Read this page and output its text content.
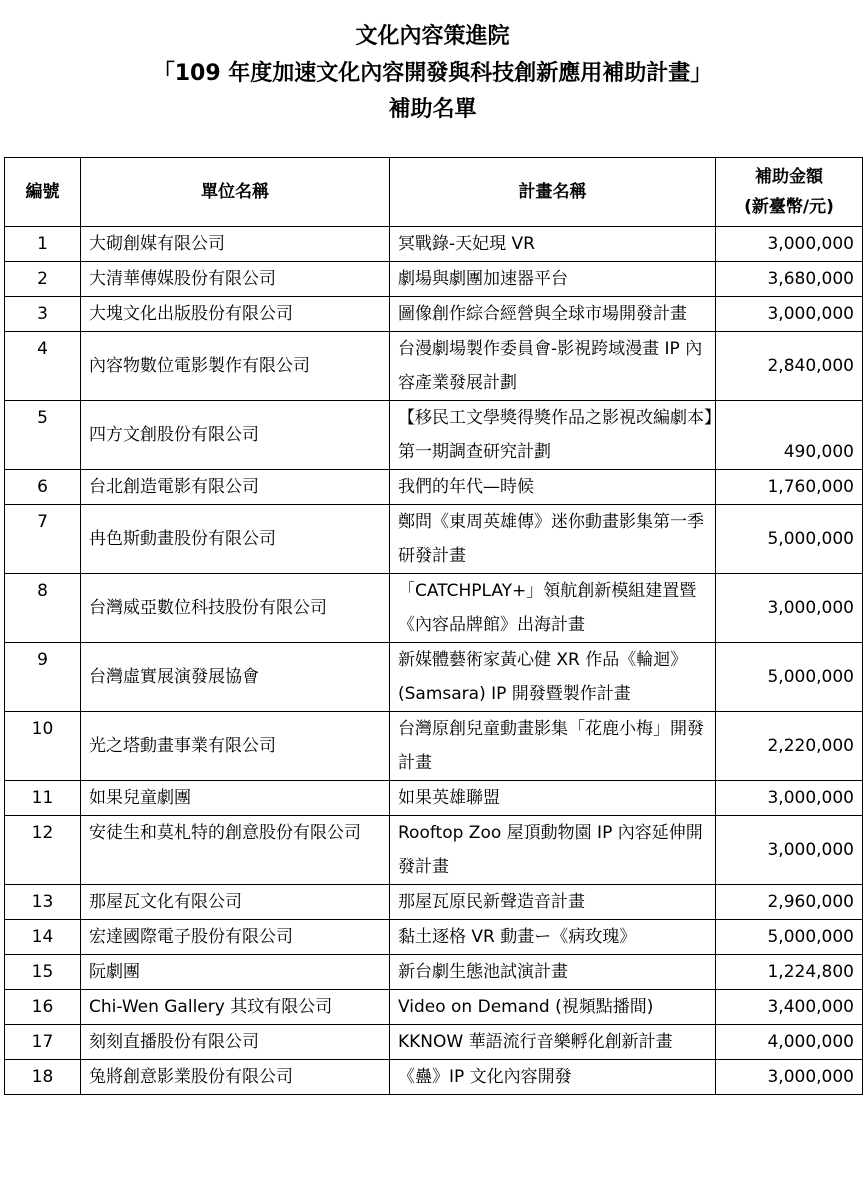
文化內容策進院

「109 年度加速文化內容開發與科技創新應用補助計畫」

補助名單

編號	單位名稱	計畫名稱	補助金額
(新臺幣/元)

1	大砌創媒有限公司	冥戰錄-天妃現 VR	3,000,000
2	大清華傳媒股份有限公司	劇場與劇團加速器平台	3,680,000
3	大塊文化出版股份有限公司	圖像創作綜合經營與全球市場開發計畫	3,000,000
4	內容物數位電影製作有限公司	台漫劇場製作委員會-影視跨域漫畫 IP 內容產業發展計劃	2,840,000
5	四方文創股份有限公司	【移民工文學獎得獎作品之影視改編劇本】第一期調查研究計劃	490,000
6	台北創造電影有限公司	我們的年代—時候	1,760,000
7	冉色斯動畫股份有限公司	鄭問《東周英雄傳》迷你動畫影集第一季研發計畫	5,000,000
8	台灣威亞數位科技股份有限公司	「CATCHPLAY+」領航創新模組建置暨《內容品牌館》出海計畫	3,000,000
9	台灣虛實展演發展協會	新媒體藝術家黃心健 XR 作品《輪迴》(Samsara) IP 開發暨製作計畫	5,000,000
10	光之塔動畫事業有限公司	台灣原創兒童動畫影集「花鹿小梅」開發計畫	2,220,000
11	如果兒童劇團	如果英雄聯盟	3,000,000
12	安徒生和莫札特的創意股份有限公司	Rooftop Zoo 屋頂動物園 IP 內容延伸開發計畫	3,000,000
13	那屋瓦文化有限公司	那屋瓦原民新聲造音計畫	2,960,000
14	宏達國際電子股份有限公司	黏土逐格 VR 動畫ー《病玫瑰》	5,000,000
15	阮劇團	新台劇生態池試演計畫	1,224,800
16	Chi-Wen Gallery 其玟有限公司	Video on Demand (視頻點播間)	3,400,000
17	刻刻直播股份有限公司	KKNOW 華語流行音樂孵化創新計畫	4,000,000
18	兔將創意影業股份有限公司	《蠱》IP 文化內容開發	3,000,000
